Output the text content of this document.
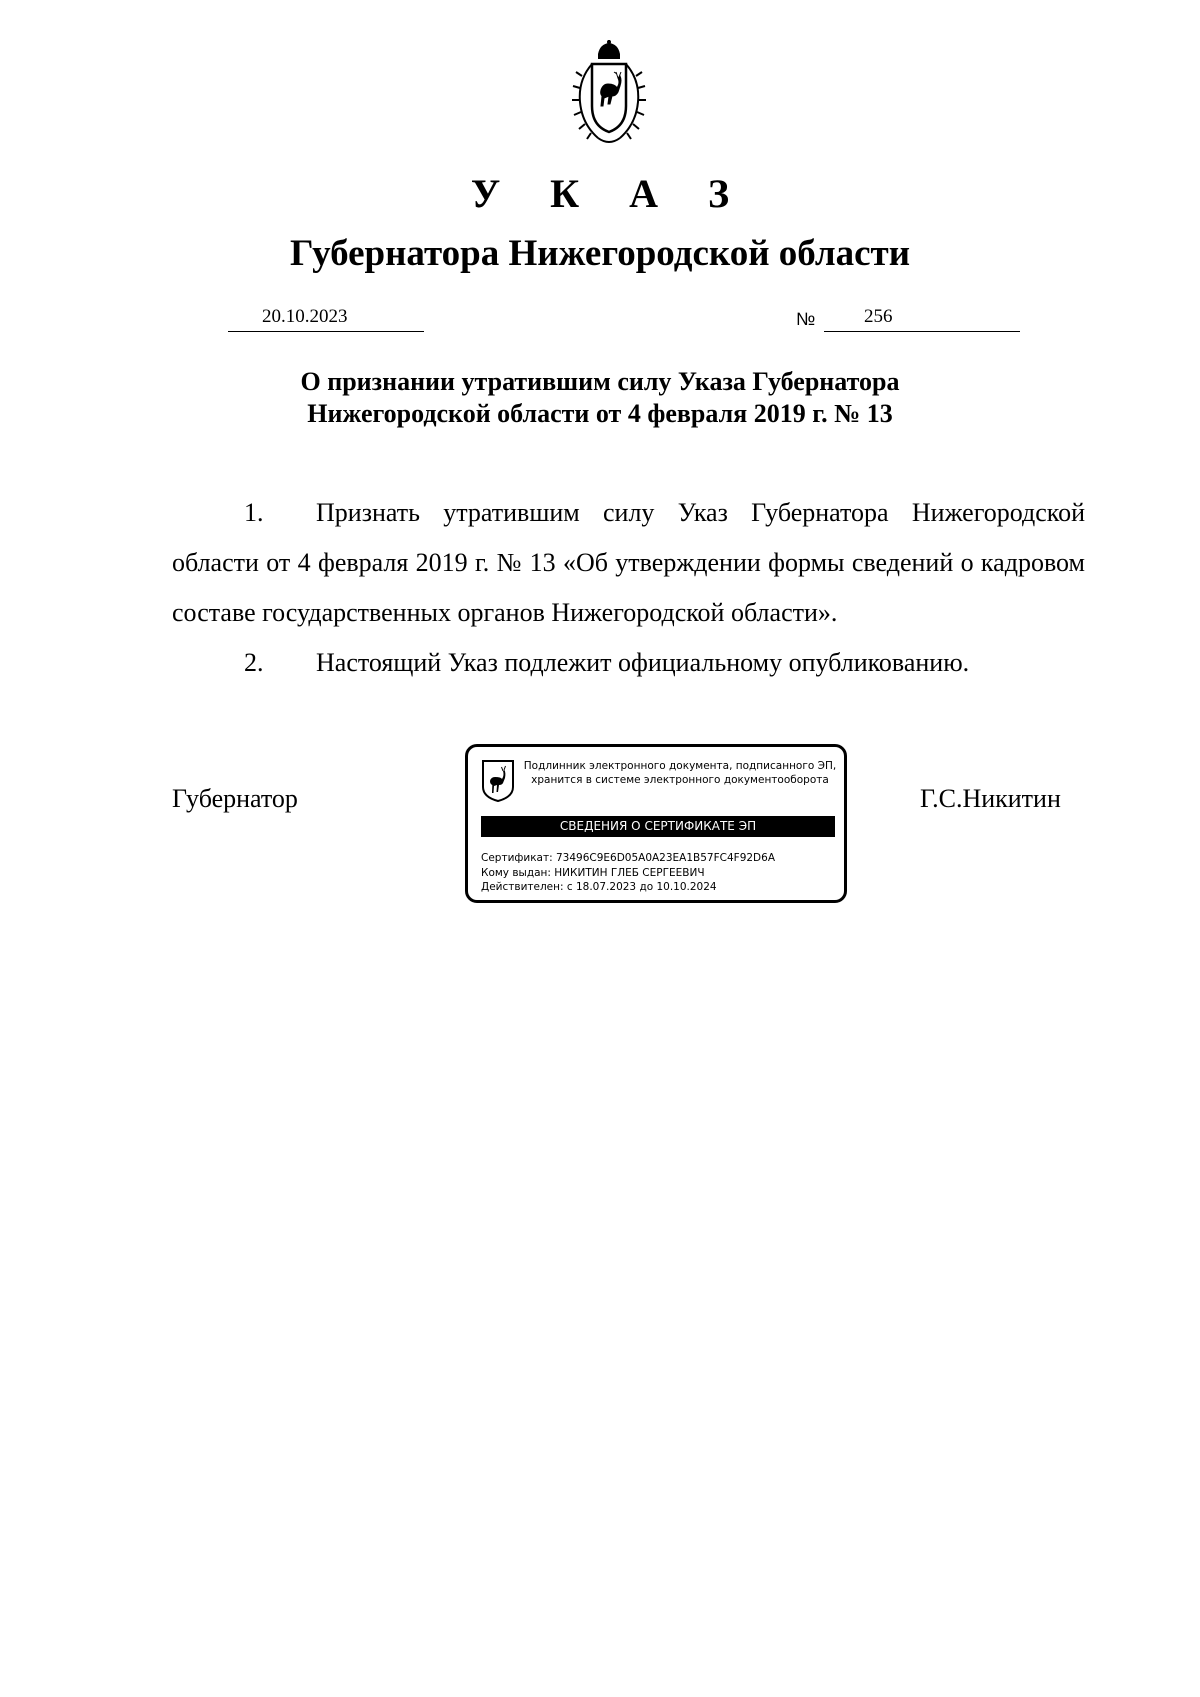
У К А З
Губернатора Нижегородской области
20.10.2023	№	256
О признании утратившим силу Указа Губернатора
Нижегородской области от 4 февраля 2019 г. № 13

1. Признать утратившим силу Указ Губернатора Нижегородской области от 4 февраля 2019 г. № 13 «Об утверждении формы сведений о кадровом составе государственных органов Нижегородской области».

2. Настоящий Указ подлежит официальному опубликованию.

Губернатор	Г.С.Никитин
Подлинник электронного документа, подписанного ЭП,
хранится в системе электронного документооборота
СВЕДЕНИЯ О СЕРТИФИКАТЕ ЭП
Сертификат: 73496C9E6D05A0A23EA1B57FC4F92D6A
Кому выдан: НИКИТИН ГЛЕБ СЕРГЕЕВИЧ
Действителен: с 18.07.2023 до 10.10.2024
